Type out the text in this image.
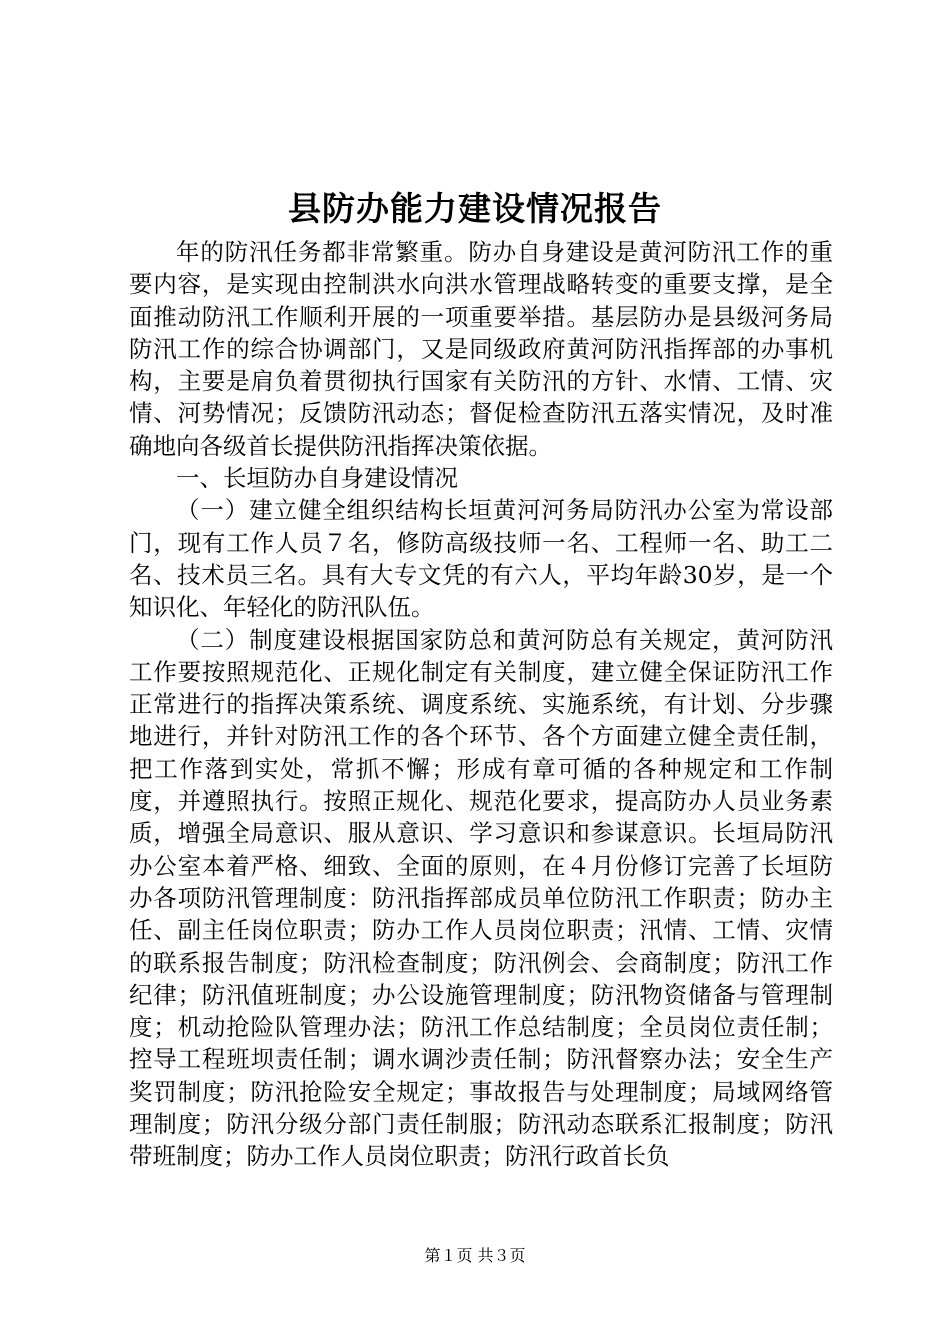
县防办能力建设情况报告

年的防汛任务都非常繁重。防办自身建设是黄河防汛工作的重要内容，是实现由控制洪水向洪水管理战略转变的重要支撑，是全面推动防汛工作顺利开展的一项重要举措。基层防办是县级河务局防汛工作的综合协调部门，又是同级政府黄河防汛指挥部的办事机构，主要是肩负着贯彻执行国家有关防汛的方针、水情、工情、灾情、河势情况；反馈防汛动态；督促检查防汛五落实情况，及时准确地向各级首长提供防汛指挥决策依据。

一、长垣防办自身建设情况

（一）建立健全组织结构长垣黄河河务局防汛办公室为常设部门，现有工作人员７名，修防高级技师一名、工程师一名、助工二名、技术员三名。具有大专文凭的有六人，平均年龄30岁，是一个知识化、年轻化的防汛队伍。

（二）制度建设根据国家防总和黄河防总有关规定，黄河防汛工作要按照规范化、正规化制定有关制度，建立健全保证防汛工作正常进行的指挥决策系统、调度系统、实施系统，有计划、分步骤地进行，并针对防汛工作的各个环节、各个方面建立健全责任制，把工作落到实处，常抓不懈；形成有章可循的各种规定和工作制度，并遵照执行。按照正规化、规范化要求，提高防办人员业务素质，增强全局意识、服从意识、学习意识和参谋意识。长垣局防汛办公室本着严格、细致、全面的原则，在４月份修订完善了长垣防办各项防汛管理制度：防汛指挥部成员单位防汛工作职责；防办主任、副主任岗位职责；防办工作人员岗位职责；汛情、工情、灾情的联系报告制度；防汛检查制度；防汛例会、会商制度；防汛工作纪律；防汛值班制度；办公设施管理制度；防汛物资储备与管理制度；机动抢险队管理办法；防汛工作总结制度；全员岗位责任制；控导工程班坝责任制；调水调沙责任制；防汛督察办法；安全生产奖罚制度；防汛抢险安全规定；事故报告与处理制度；局域网络管理制度；防汛分级分部门责任制服；防汛动态联系汇报制度；防汛带班制度；防办工作人员岗位职责；防汛行政首长负

第１页 共３页
